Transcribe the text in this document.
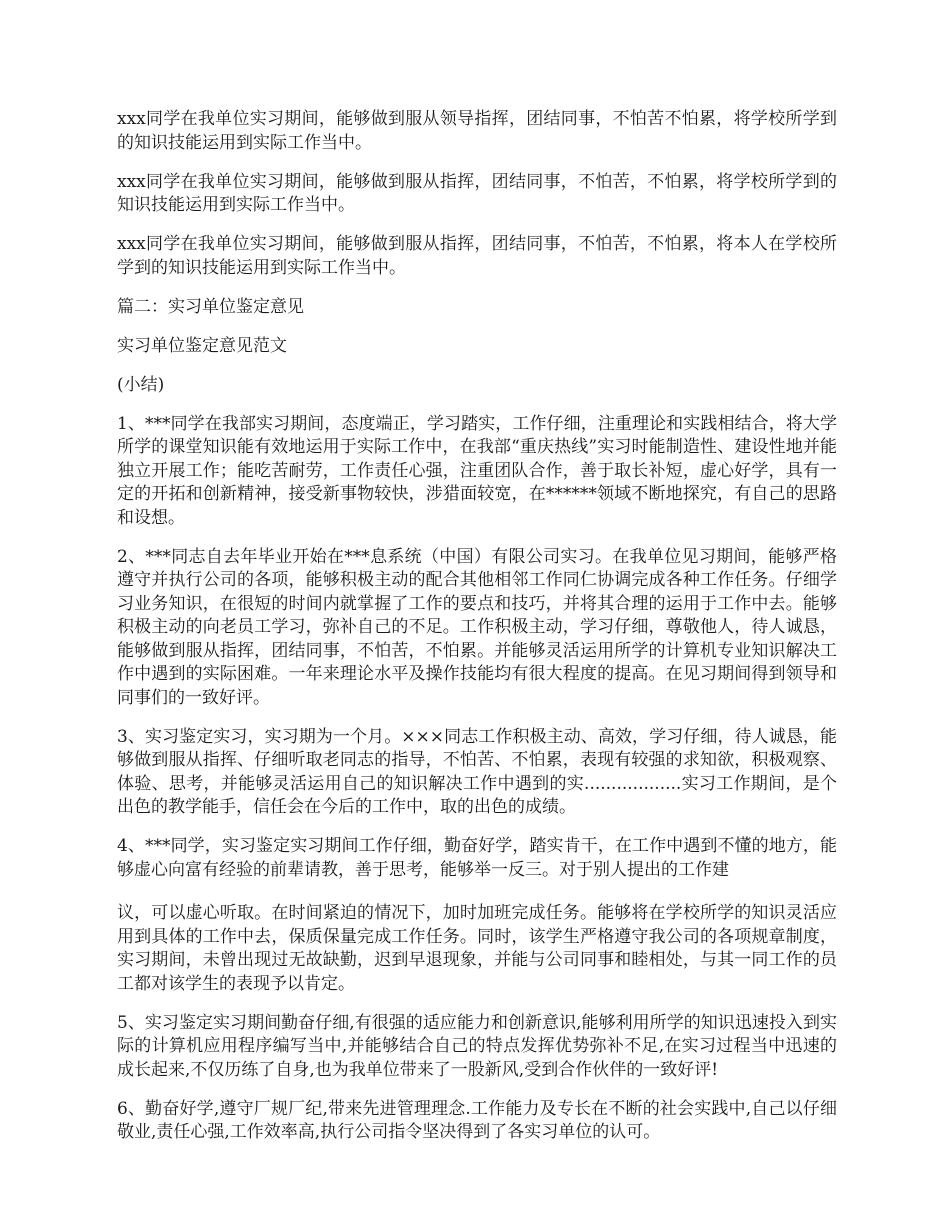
xxx同学在我单位实习期间，能够做到服从领导指挥，团结同事，不怕苦不怕累，将学校所学到的知识技能运用到实际工作当中。

xxx同学在我单位实习期间，能够做到服从指挥，团结同事，不怕苦，不怕累，将学校所学到的知识技能运用到实际工作当中。

xxx同学在我单位实习期间，能够做到服从指挥，团结同事，不怕苦，不怕累，将本人在学校所学到的知识技能运用到实际工作当中。

篇二：实习单位鉴定意见

实习单位鉴定意见范文

(小结)

1、***同学在我部实习期间，态度端正，学习踏实，工作仔细，注重理论和实践相结合，将大学所学的课堂知识能有效地运用于实际工作中，在我部“重庆热线”实习时能制造性、建设性地并能独立开展工作；能吃苦耐劳，工作责任心强，注重团队合作，善于取长补短，虚心好学，具有一定的开拓和创新精神，接受新事物较快，涉猎面较宽，在******领域不断地探究，有自己的思路和设想。

2、***同志自去年毕业开始在***息系统（中国）有限公司实习。在我单位见习期间，能够严格遵守并执行公司的各项，能够积极主动的配合其他相邻工作同仁协调完成各种工作任务。仔细学习业务知识，在很短的时间内就掌握了工作的要点和技巧，并将其合理的运用于工作中去。能够积极主动的向老员工学习，弥补自己的不足。工作积极主动，学习仔细，尊敬他人，待人诚恳，能够做到服从指挥，团结同事，不怕苦，不怕累。并能够灵活运用所学的计算机专业知识解决工作中遇到的实际困难。一年来理论水平及操作技能均有很大程度的提高。在见习期间得到领导和同事们的一致好评。

3、实习鉴定实习，实习期为一个月。×××同志工作积极主动、高效，学习仔细，待人诚恳，能够做到服从指挥、仔细听取老同志的指导，不怕苦、不怕累，表现有较强的求知欲，积极观察、体验、思考，并能够灵活运用自己的知识解决工作中遇到的实..................实习工作期间，是个出色的教学能手，信任会在今后的工作中，取的出色的成绩。

4、***同学，实习鉴定实习期间工作仔细，勤奋好学，踏实肯干，在工作中遇到不懂的地方，能够虚心向富有经验的前辈请教，善于思考，能够举一反三。对于别人提出的工作建

议，可以虚心听取。在时间紧迫的情况下，加时加班完成任务。能够将在学校所学的知识灵活应用到具体的工作中去，保质保量完成工作任务。同时，该学生严格遵守我公司的各项规章制度，实习期间，未曾出现过无故缺勤，迟到早退现象，并能与公司同事和睦相处，与其一同工作的员工都对该学生的表现予以肯定。

5、实习鉴定实习期间勤奋仔细,有很强的适应能力和创新意识,能够利用所学的知识迅速投入到实际的计算机应用程序编写当中,并能够结合自己的特点发挥优势弥补不足,在实习过程当中迅速的成长起来,不仅历练了自身,也为我单位带来了一股新风,受到合作伙伴的一致好评!

6、勤奋好学,遵守厂规厂纪,带来先进管理理念.工作能力及专长在不断的社会实践中,自己以仔细敬业,责任心强,工作效率高,执行公司指令坚决得到了各实习单位的认可。
